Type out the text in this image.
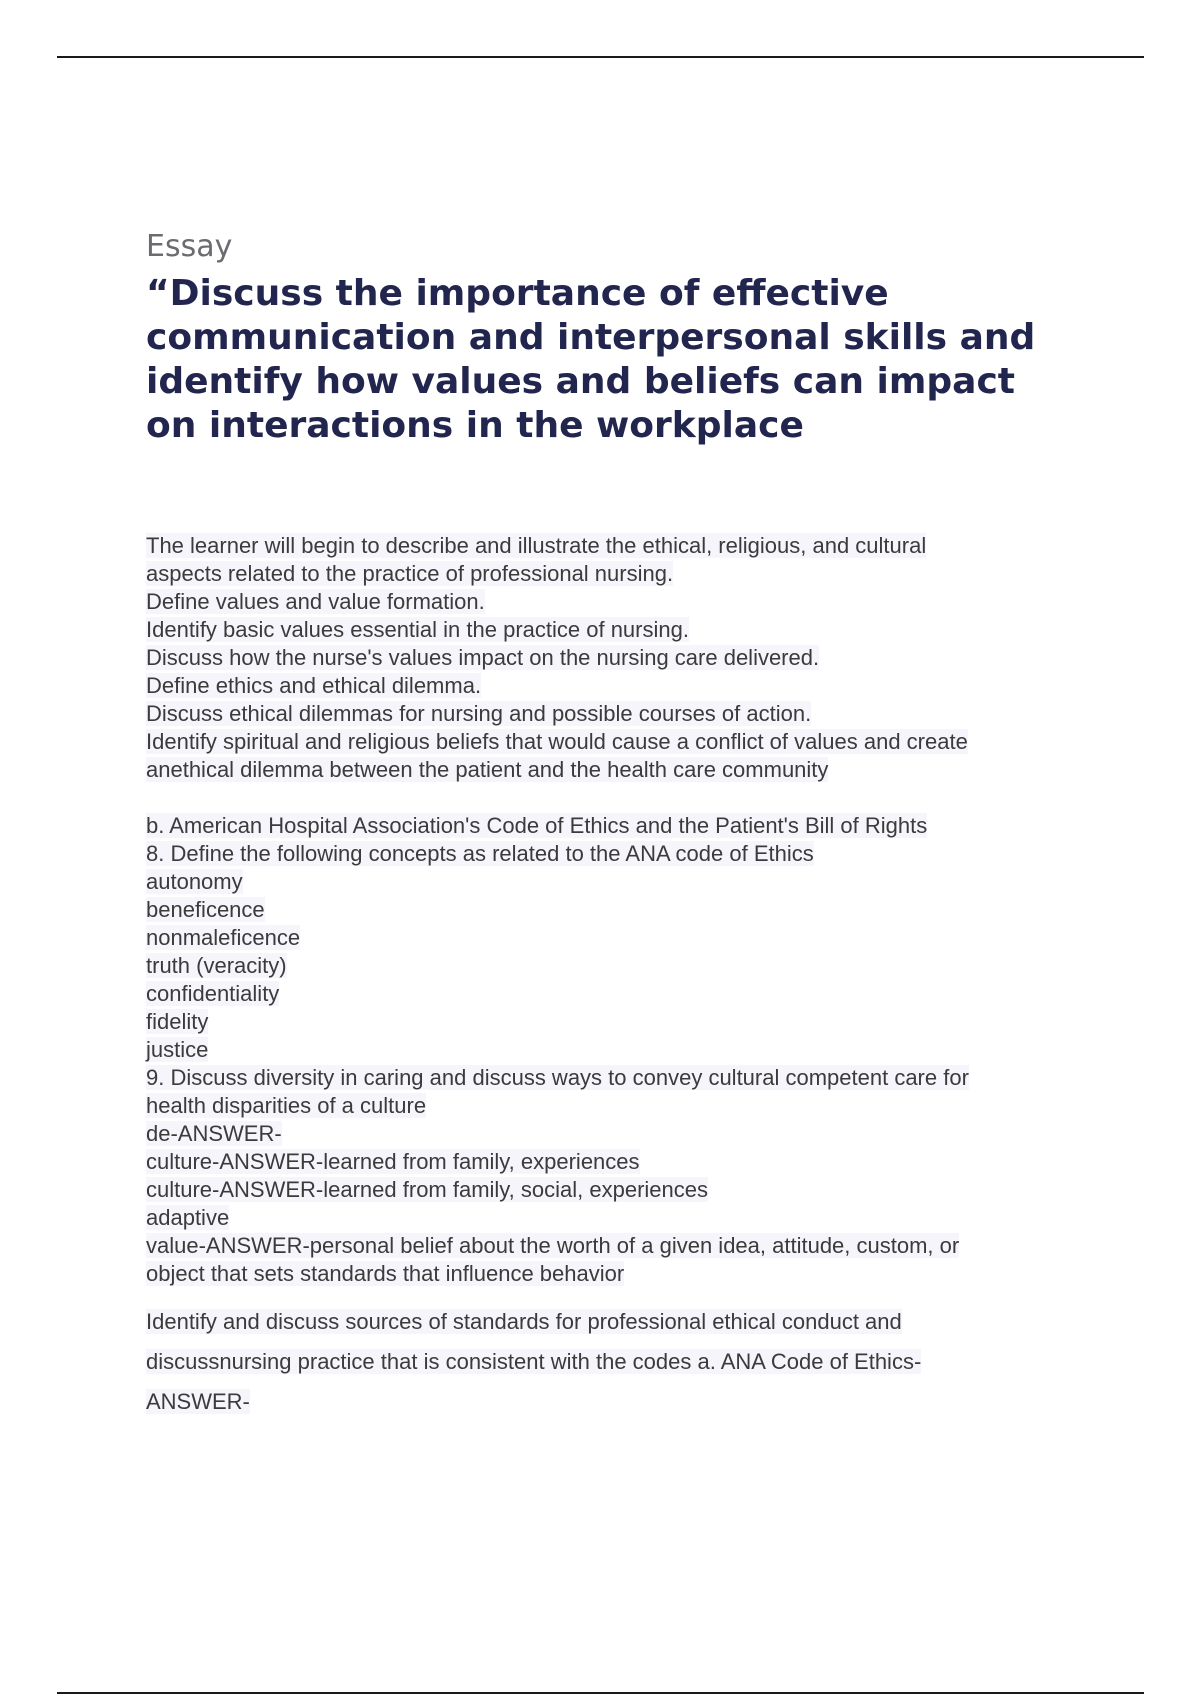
Essay

“Discuss the importance of effective communication and interpersonal skills and identify how values and beliefs can impact on interactions in the workplace
The learner will begin to describe and illustrate the ethical, religious, and cultural
aspects related to the practice of professional nursing.
Define values and value formation.
Identify basic values essential in the practice of nursing.
Discuss how the nurse's values impact on the nursing care delivered.
Define ethics and ethical dilemma.
Discuss ethical dilemmas for nursing and possible courses of action.
Identify spiritual and religious beliefs that would cause a conflict of values and create
anethical dilemma between the patient and the health care community
b. American Hospital Association's Code of Ethics and the Patient's Bill of Rights
8. Define the following concepts as related to the ANA code of Ethics
autonomy
beneficence
nonmaleficence
truth (veracity)
confidentiality
fidelity
justice
9. Discuss diversity in caring and discuss ways to convey cultural competent care for
health disparities of a culture
de-ANSWER-
culture-ANSWER-learned from family, experiences
culture-ANSWER-learned from family, social, experiences
adaptive
value-ANSWER-personal belief about the worth of a given idea, attitude, custom, or
object that sets standards that influence behavior
Identify and discuss sources of standards for professional ethical conduct and
discussnursing practice that is consistent with the codes a. ANA Code of Ethics-
ANSWER-
